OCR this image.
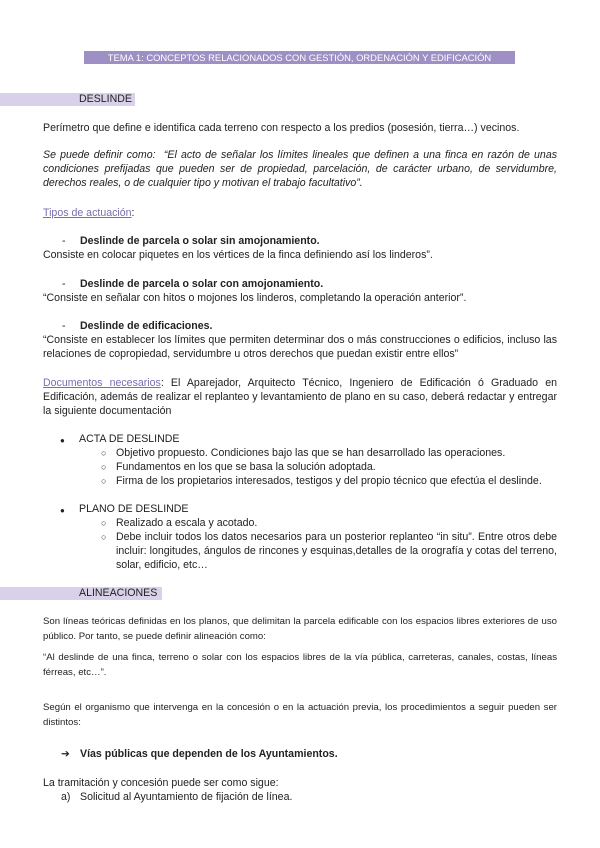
TEMA 1: CONCEPTOS RELACIONADOS CON GESTIÓN, ORDENACIÓN Y EDIFICACIÓN
DESLINDE
Perímetro que define e identifica cada terreno con respecto a los predios (posesión, tierra…) vecinos.
Se puede definir como: “El acto de señalar los límites lineales que definen a una finca en razón de unas condiciones prefijadas que pueden ser de propiedad, parcelación, de carácter urbano, de servidumbre, derechos reales, o de cualquier tipo y motivan el trabajo facultativo”.
Tipos de actuación:
- Deslinde de parcela o solar sin amojonamiento.
Consiste en colocar piquetes en los vértices de la finca definiendo así los linderos”.
- Deslinde de parcela o solar con amojonamiento.
“Consiste en señalar con hitos o mojones los linderos, completando la operación anterior”.
- Deslinde de edificaciones.
“Consiste en establecer los límites que permiten determinar dos o más construcciones o edificios, incluso las relaciones de copropiedad, servidumbre u otros derechos que puedan existir entre ellos”
Documentos necesarios: El Aparejador, Arquitecto Técnico, Ingeniero de Edificación ó Graduado en Edificación, además de realizar el replanteo y levantamiento de plano en su caso, deberá redactar y entregar la siguiente documentación
● ACTA DE DESLINDE
○ Objetivo propuesto. Condiciones bajo las que se han desarrollado las operaciones.
○ Fundamentos en los que se basa la solución adoptada.
○ Firma de los propietarios interesados, testigos y del propio técnico que efectúa el deslinde.
● PLANO DE DESLINDE
○ Realizado a escala y acotado.
○ Debe incluir todos los datos necesarios para un posterior replanteo “in situ”. Entre otros debe incluir: longitudes, ángulos de rincones y esquinas,detalles de la orografía y cotas del terreno, solar, edificio, etc…
ALINEACIONES
Son líneas teóricas definidas en los planos, que delimitan la parcela edificable con los espacios libres exteriores de uso público. Por tanto, se puede definir alineación como:
“Al deslinde de una finca, terreno o solar con los espacios libres de la vía pública, carreteras, canales, costas, líneas férreas, etc…”.
Según el organismo que intervenga en la concesión o en la actuación previa, los procedimientos a seguir pueden ser distintos:
➔ Vías públicas que dependen de los Ayuntamientos.
La tramitación y concesión puede ser como sigue:
a) Solicitud al Ayuntamiento de fijación de línea.
